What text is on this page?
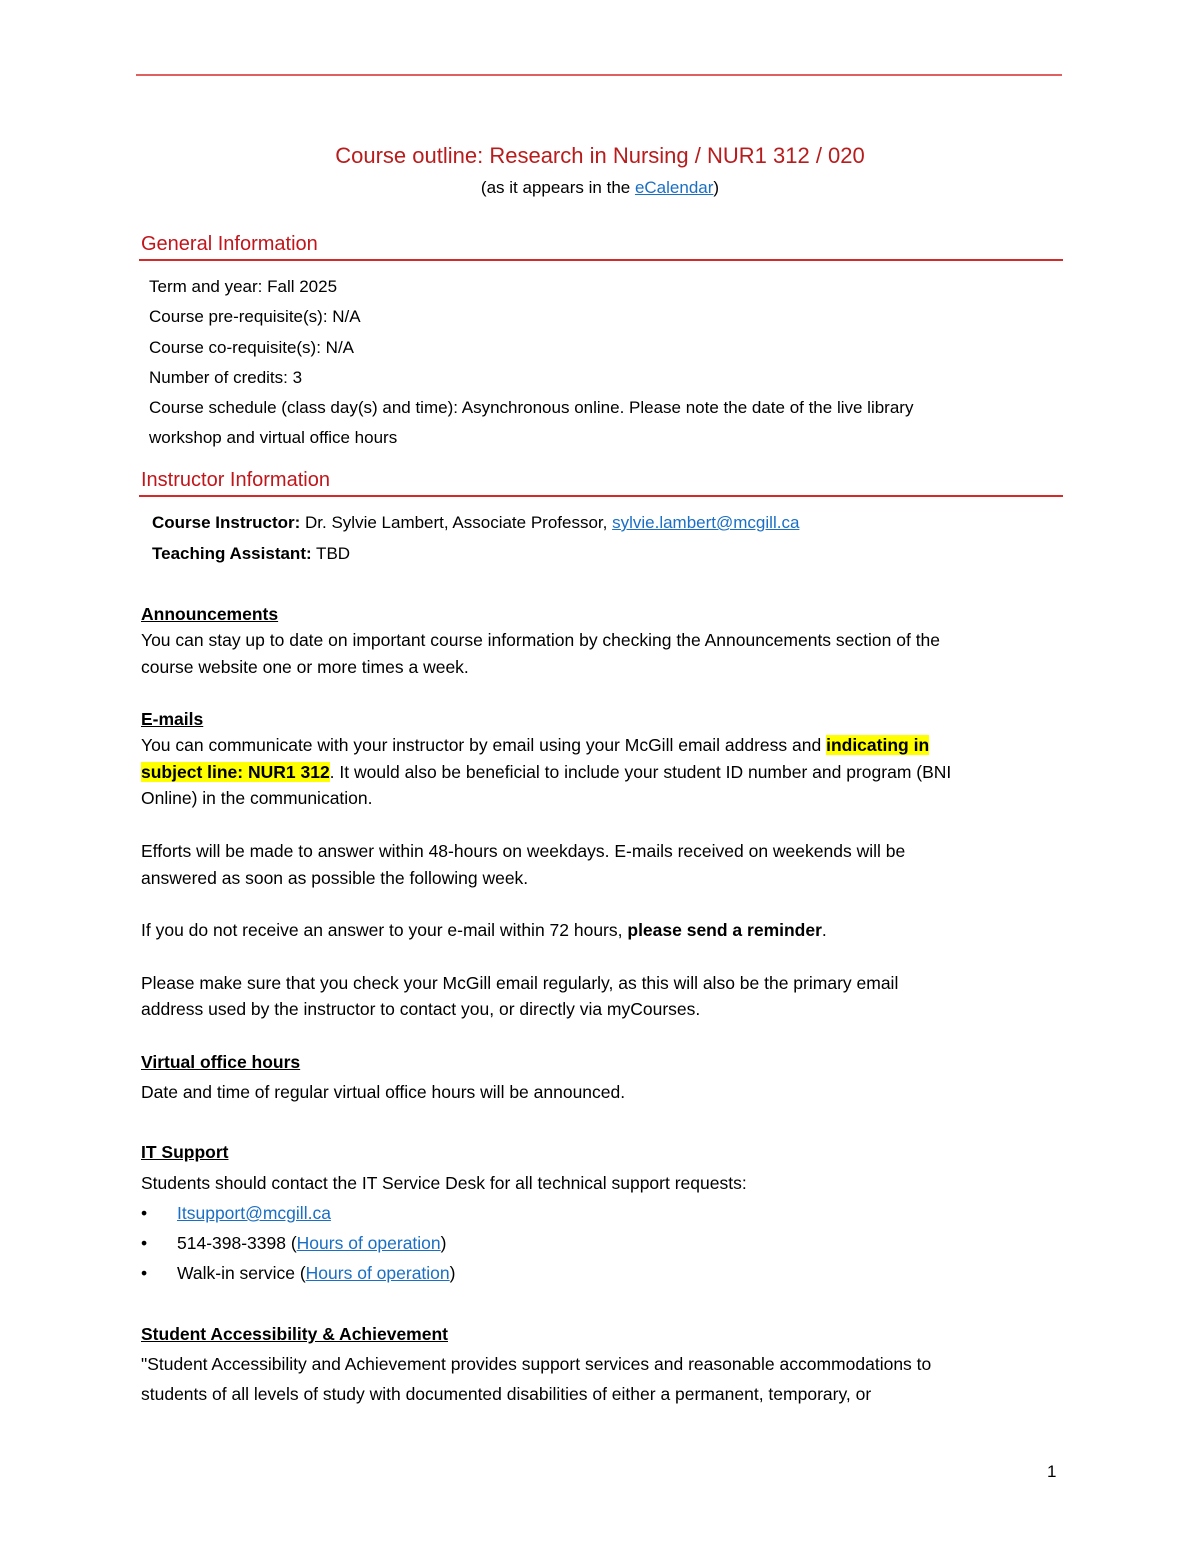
Course outline: Research in Nursing / NUR1 312 / 020
(as it appears in the eCalendar)
General Information
Term and year: Fall 2025
Course pre-requisite(s): N/A
Course co-requisite(s): N/A
Number of credits: 3
Course schedule (class day(s) and time): Asynchronous online. Please note the date of the live library
workshop and virtual office hours
Instructor Information
Course Instructor: Dr. Sylvie Lambert, Associate Professor, sylvie.lambert@mcgill.ca
Teaching Assistant: TBD
Announcements
You can stay up to date on important course information by checking the Announcements section of the
course website one or more times a week.
E-mails
You can communicate with your instructor by email using your McGill email address and indicating in
subject line: NUR1 312. It would also be beneficial to include your student ID number and program (BNI
Online) in the communication.
Efforts will be made to answer within 48-hours on weekdays. E-mails received on weekends will be
answered as soon as possible the following week.
If you do not receive an answer to your e-mail within 72 hours, please send a reminder.
Please make sure that you check your McGill email regularly, as this will also be the primary email
address used by the instructor to contact you, or directly via myCourses.
Virtual office hours
Date and time of regular virtual office hours will be announced.
IT Support
Students should contact the IT Service Desk for all technical support requests:
• Itsupport@mcgill.ca
• 514-398-3398 (Hours of operation)
• Walk-in service (Hours of operation)
Student Accessibility & Achievement
"Student Accessibility and Achievement provides support services and reasonable accommodations to
students of all levels of study with documented disabilities of either a permanent, temporary, or
1
